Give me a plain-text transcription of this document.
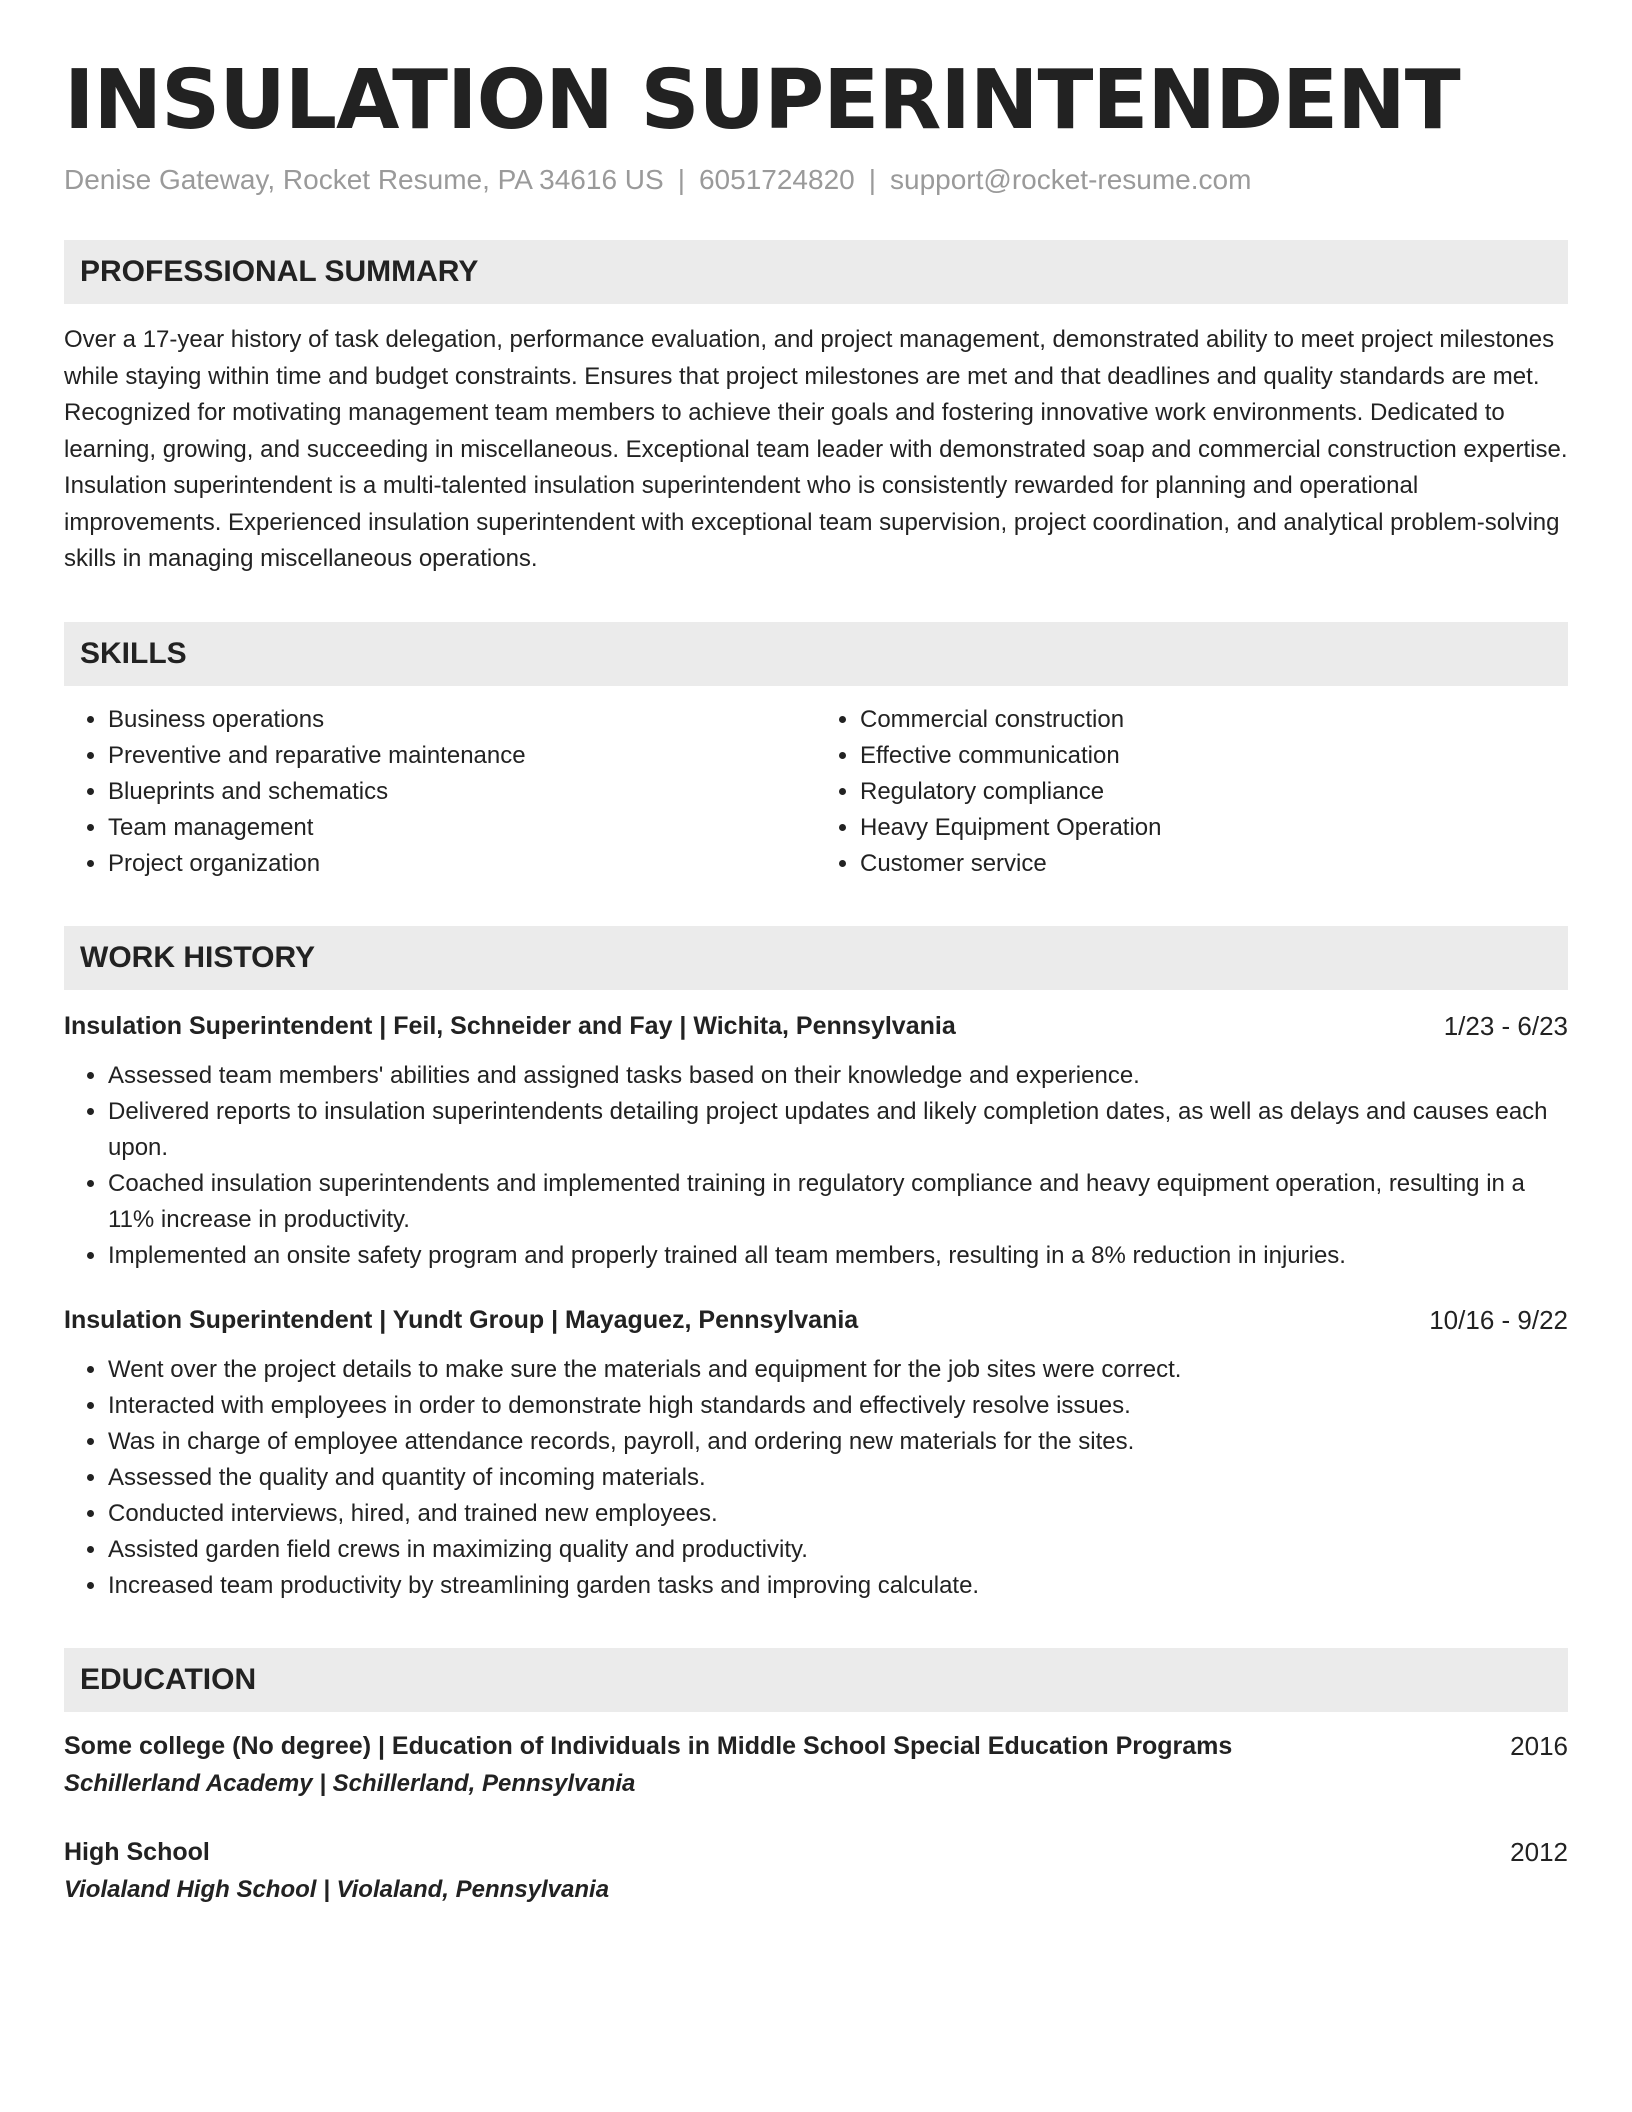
INSULATION SUPERINTENDENT
Denise Gateway, Rocket Resume, PA 34616 US | 6051724820 | support@rocket-resume.com
PROFESSIONAL SUMMARY
Over a 17-year history of task delegation, performance evaluation, and project management, demonstrated ability to meet project milestones while staying within time and budget constraints. Ensures that project milestones are met and that deadlines and quality standards are met. Recognized for motivating management team members to achieve their goals and fostering innovative work environments. Dedicated to learning, growing, and succeeding in miscellaneous. Exceptional team leader with demonstrated soap and commercial construction expertise. Insulation superintendent is a multi-talented insulation superintendent who is consistently rewarded for planning and operational improvements. Experienced insulation superintendent with exceptional team supervision, project coordination, and analytical problem-solving skills in managing miscellaneous operations.
SKILLS
• Business operations
• Preventive and reparative maintenance
• Blueprints and schematics
• Team management
• Project organization
• Commercial construction
• Effective communication
• Regulatory compliance
• Heavy Equipment Operation
• Customer service
WORK HISTORY
Insulation Superintendent | Feil, Schneider and Fay | Wichita, Pennsylvania	1/23 - 6/23
• Assessed team members' abilities and assigned tasks based on their knowledge and experience.
• Delivered reports to insulation superintendents detailing project updates and likely completion dates, as well as delays and causes each upon.
• Coached insulation superintendents and implemented training in regulatory compliance and heavy equipment operation, resulting in a 11% increase in productivity.
• Implemented an onsite safety program and properly trained all team members, resulting in a 8% reduction in injuries.
Insulation Superintendent | Yundt Group | Mayaguez, Pennsylvania	10/16 - 9/22
• Went over the project details to make sure the materials and equipment for the job sites were correct.
• Interacted with employees in order to demonstrate high standards and effectively resolve issues.
• Was in charge of employee attendance records, payroll, and ordering new materials for the sites.
• Assessed the quality and quantity of incoming materials.
• Conducted interviews, hired, and trained new employees.
• Assisted garden field crews in maximizing quality and productivity.
• Increased team productivity by streamlining garden tasks and improving calculate.
EDUCATION
Some college (No degree) | Education of Individuals in Middle School Special Education Programs	2016
Schillerland Academy | Schillerland, Pennsylvania
High School	2012
Violaland High School | Violaland, Pennsylvania
